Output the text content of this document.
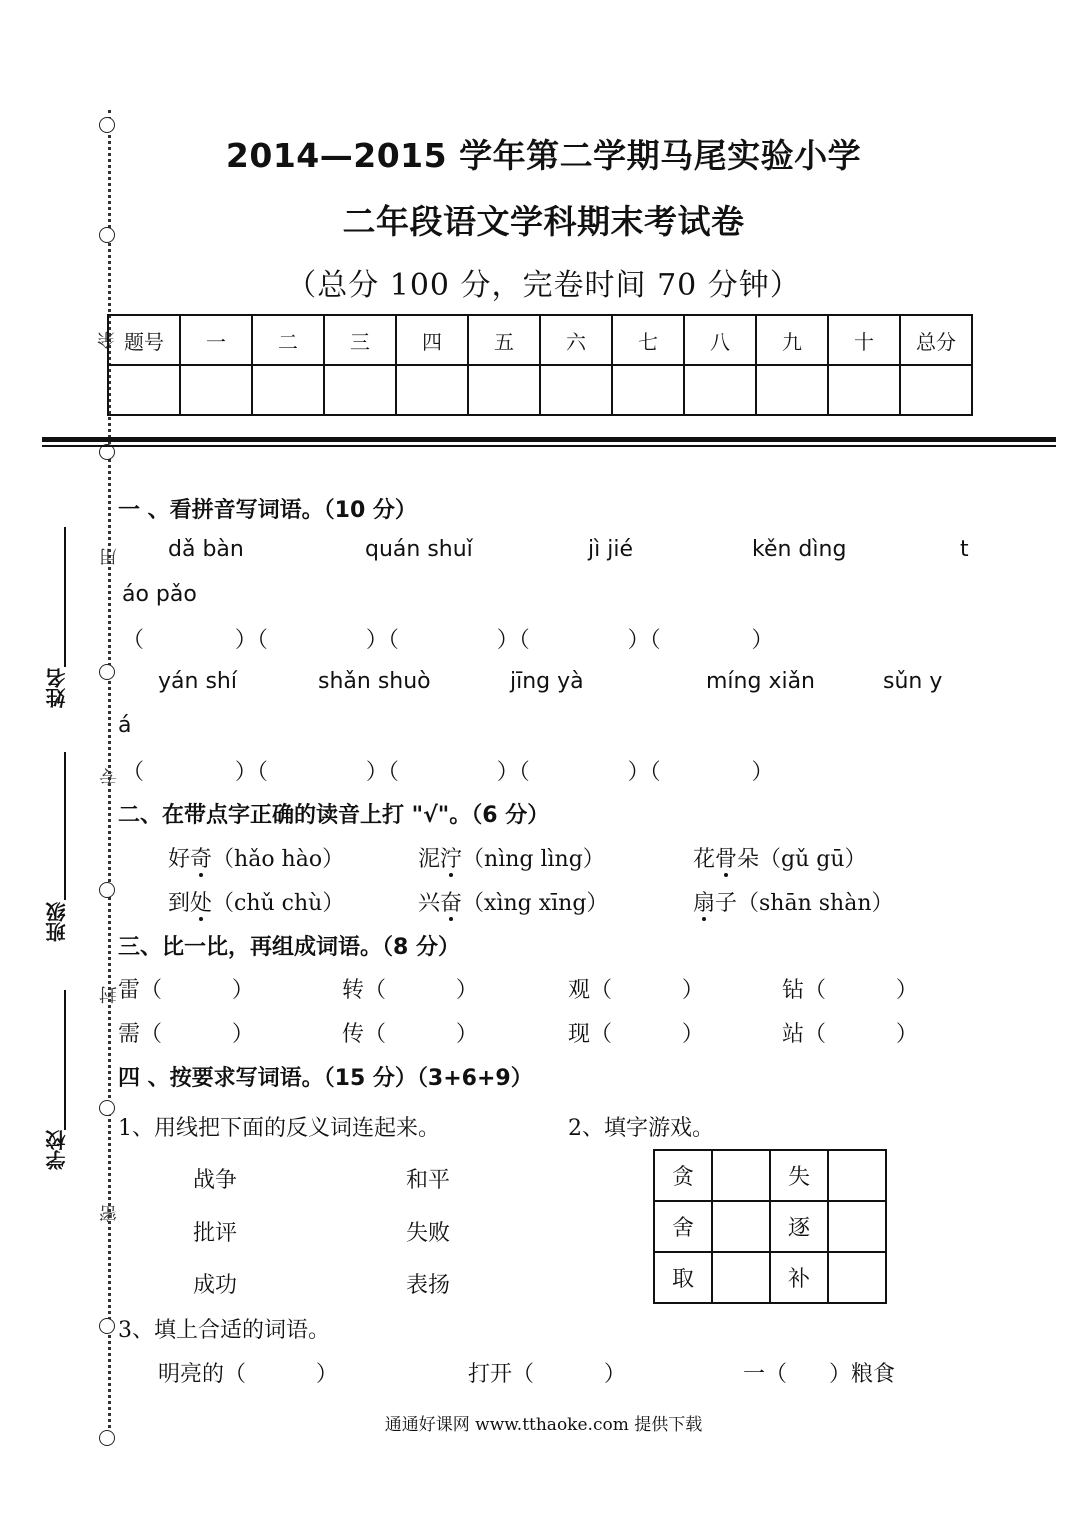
用
专
封
密
余
姓名
班级
学校
2014—2015 学年第二学期马尾实验小学
二年段语文学科期末考试卷
（总分 100 分，完卷时间 70 分钟）
题号	一	二	三	四	五	六	七	八	九	十	总分

一 、看拼音写词语。（10 分）
dǎ bàn	quán shuǐ	jì jié	kěn dìng	t
áo pǎo
（             ）（              ）（              ）（              ）（             ）
yán shí	shǎn shuò	jīng yà	míng xiǎn	sǔn y
á
（             ）（              ）（              ）（              ）（             ）
二、在带点字正确的读音上打 "√"。（6 分）
好奇（hǎo hào）	泥泞（nìng lìng）	花骨朵（gǔ gū）
到处（chǔ chù）	兴奋（xìng xīng）	扇子（shān shàn）
三、比一比，再组成词语。（8 分）
雷（          ）	转（          ）	观（          ）	钻（          ）
需（          ）	传（          ）	现（          ）	站（          ）
四 、按要求写词语。（15 分）（3+6+9）
1、用线把下面的反义词连起来。	2、填字游戏。
战争
批评
成功
和平
失败
表扬
贪		失	
舍		逐	
取		补	
3、填上合适的词语。
明亮的（          ）	打开（          ）	一（      ）粮食
通通好课网 www.tthaoke.com 提供下载
